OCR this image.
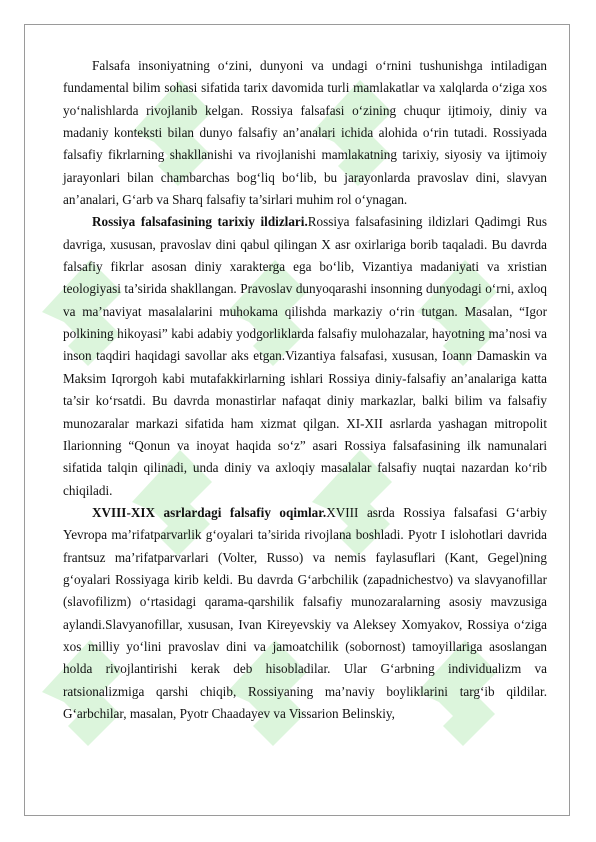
Falsafa insoniyatning o‘zini, dunyoni va undagi o‘rnini tushunishga intiladigan fundamental bilim sohasi sifatida tarix davomida turli mamlakatlar va xalqlarda o‘ziga xos yo‘nalishlarda rivojlanib kelgan. Rossiya falsafasi o‘zining chuqur ijtimoiy, diniy va madaniy konteksti bilan dunyo falsafiy an’analari ichida alohida o‘rin tutadi. Rossiyada falsafiy fikrlarning shakllanishi va rivojlanishi mamlakatning tarixiy, siyosiy va ijtimoiy jarayonlari bilan chambarchas bog‘liq bo‘lib, bu jarayonlarda pravoslav dini, slavyan an’analari, G‘arb va Sharq falsafiy ta’sirlari muhim rol o‘ynagan.

Rossiya falsafasining tarixiy ildizlari.Rossiya falsafasining ildizlari Qadimgi Rus davriga, xususan, pravoslav dini qabul qilingan X asr oxirlariga borib taqaladi. Bu davrda falsafiy fikrlar asosan diniy xarakterga ega bo‘lib, Vizantiya madaniyati va xristian teologiyasi ta’sirida shakllangan. Pravoslav dunyoqarashi insonning dunyodagi o‘rni, axloq va ma’naviyat masalalarini muhokama qilishda markaziy o‘rin tutgan. Masalan, “Igor polkining hikoyasi” kabi adabiy yodgorliklarda falsafiy mulohazalar, hayotning ma’nosi va inson taqdiri haqidagi savollar aks etgan.Vizantiya falsafasi, xususan, Ioann Damaskin va Maksim Iqrorgoh kabi mutafakkirlarning ishlari Rossiya diniy-falsafiy an’analariga katta ta’sir ko‘rsatdi. Bu davrda monastirlar nafaqat diniy markazlar, balki bilim va falsafiy munozaralar markazi sifatida ham xizmat qilgan. XI-XII asrlarda yashagan mitropolit Ilarionning “Qonun va inoyat haqida so‘z” asari Rossiya falsafasining ilk namunalari sifatida talqin qilinadi, unda diniy va axloqiy masalalar falsafiy nuqtai nazardan ko‘rib chiqiladi.

XVIII-XIX asrlardagi falsafiy oqimlar.XVIII asrda Rossiya falsafasi G‘arbiy Yevropa ma’rifatparvarlik g‘oyalari ta’sirida rivojlana boshladi. Pyotr I islohotlari davrida frantsuz ma’rifatparvarlari (Volter, Russo) va nemis faylasuflari (Kant, Gegel)ning g‘oyalari Rossiyaga kirib keldi. Bu davrda G‘arbchilik (zapadnichestvo) va slavyanofillar (slavofilizm) o‘rtasidagi qarama-qarshilik falsafiy munozaralarning asosiy mavzusiga aylandi.Slavyanofillar, xususan, Ivan Kireyevskiy va Aleksey Xomyakov, Rossiya o‘ziga xos milliy yo‘lini pravoslav dini va jamoatchilik (sobornost) tamoyillariga asoslangan holda rivojlantirishi kerak deb hisobladilar. Ular G‘arbning individualizm va ratsionalizmiga qarshi chiqib, Rossiyaning ma’naviy boyliklarini targ‘ib qildilar. G‘arbchilar, masalan, Pyotr Chaadayev va Vissarion Belinskiy,
